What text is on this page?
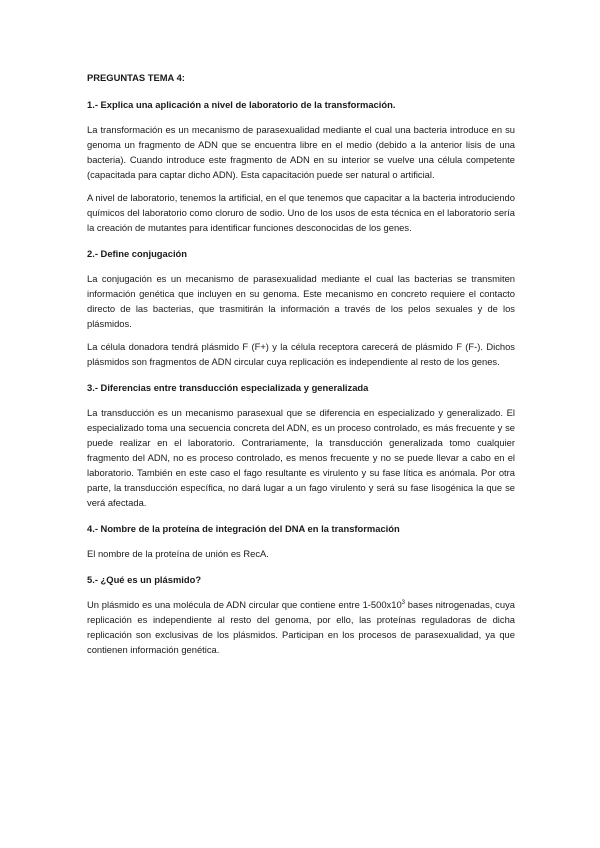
PREGUNTAS TEMA 4:
1.- Explica una aplicación a nivel de laboratorio de la transformación.
La transformación es un mecanismo de parasexualidad mediante el cual una bacteria introduce en su genoma un fragmento de ADN que se encuentra libre en el medio (debido a la anterior lisis de una bacteria). Cuando introduce este fragmento de ADN en su interior se vuelve una célula competente (capacitada para captar dicho ADN). Esta capacitación puede ser natural o artificial.
A nivel de laboratorio, tenemos la artificial, en el que tenemos que capacitar a la bacteria introduciendo químicos del laboratorio como cloruro de sodio. Uno de los usos de esta técnica en el laboratorio sería la creación de mutantes para identificar funciones desconocidas de los genes.
2.- Define conjugación
La conjugación es un mecanismo de parasexualidad mediante el cual las bacterias se transmiten información genética que incluyen en su genoma. Este mecanismo en concreto requiere el contacto directo de las bacterias, que trasmitirán la información a través de los pelos sexuales y de los plásmidos.
La célula donadora tendrá plásmido F (F+) y la célula receptora carecerá de plásmido F (F-). Dichos plásmidos son fragmentos de ADN circular cuya replicación es independiente al resto de los genes.
3.- Diferencias entre transducción especializada y generalizada
La transducción es un mecanismo parasexual que se diferencia en especializado y generalizado. El especializado toma una secuencia concreta del ADN, es un proceso controlado, es más frecuente y se puede realizar en el laboratorio. Contrariamente, la transducción generalizada tomo cualquier fragmento del ADN, no es proceso controlado, es menos frecuente y no se puede llevar a cabo en el laboratorio. También en este caso el fago resultante es virulento y su fase lítica es anómala. Por otra parte, la transducción específica, no dará lugar a un fago virulento y será su fase lisogénica la que se verá afectada.
4.- Nombre de la proteína de integración del DNA en la transformación
El nombre de la proteína de unión es RecA.
5.- ¿Qué es un plásmido?
Un plásmido es una molécula de ADN circular que contiene entre $1-500x10^3$ bases nitrogenadas, cuya replicación es independiente al resto del genoma, por ello, las proteínas reguladoras de dicha replicación son exclusivas de los plásmidos. Participan en los procesos de parasexualidad, ya que contienen información genética.
